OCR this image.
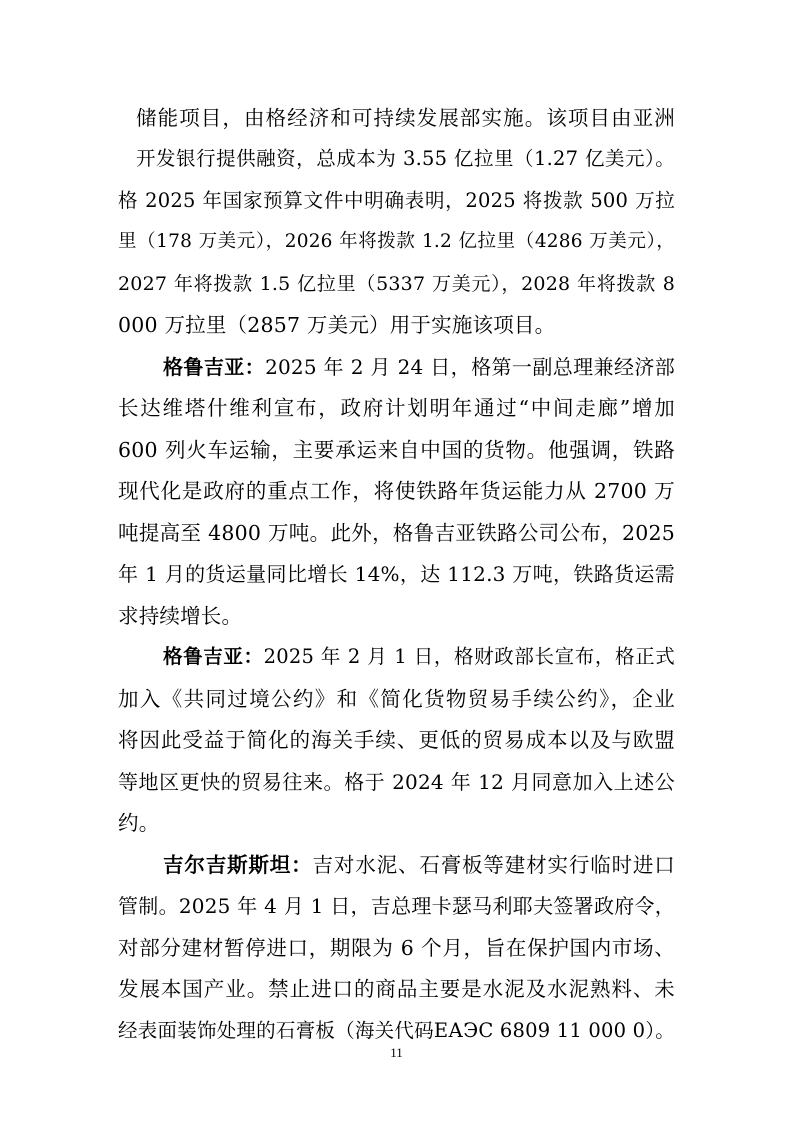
储能项目，由格经济和可持续发展部实施。该项目由亚洲
开发银行提供融资，总成本为 3.55 亿拉里（1.27 亿美元）。
格 2025 年国家预算文件中明确表明，2025 将拨款 500 万拉
里（178 万美元），2026 年将拨款 1.2 亿拉里（4286 万美元），
2027 年将拨款 1.5 亿拉里（5337 万美元），2028 年将拨款 8
000 万拉里（2857 万美元）用于实施该项目。
格鲁吉亚：2025 年 2 月 24 日，格第一副总理兼经济部
长达维塔什维利宣布，政府计划明年通过“中间走廊”增加
600 列火车运输，主要承运来自中国的货物。他强调，铁路
现代化是政府的重点工作，将使铁路年货运能力从 2700 万
吨提高至 4800 万吨。此外，格鲁吉亚铁路公司公布，2025
年 1 月的货运量同比增长 14%，达 112.3 万吨，铁路货运需
求持续增长。
格鲁吉亚：2025 年 2 月 1 日，格财政部长宣布，格正式
加入《共同过境公约》和《简化货物贸易手续公约》，企业
将因此受益于简化的海关手续、更低的贸易成本以及与欧盟
等地区更快的贸易往来。格于 2024 年 12 月同意加入上述公
约。
吉尔吉斯斯坦：吉对水泥、石膏板等建材实行临时进口
管制。2025 年 4 月 1 日，吉总理卡瑟马利耶夫签署政府令，
对部分建材暂停进口，期限为 6 个月，旨在保护国内市场、
发展本国产业。禁止进口的商品主要是水泥及水泥熟料、未
经表面装饰处理的石膏板（海关代码ЕАЭС 6809 11 000 0）。
11
